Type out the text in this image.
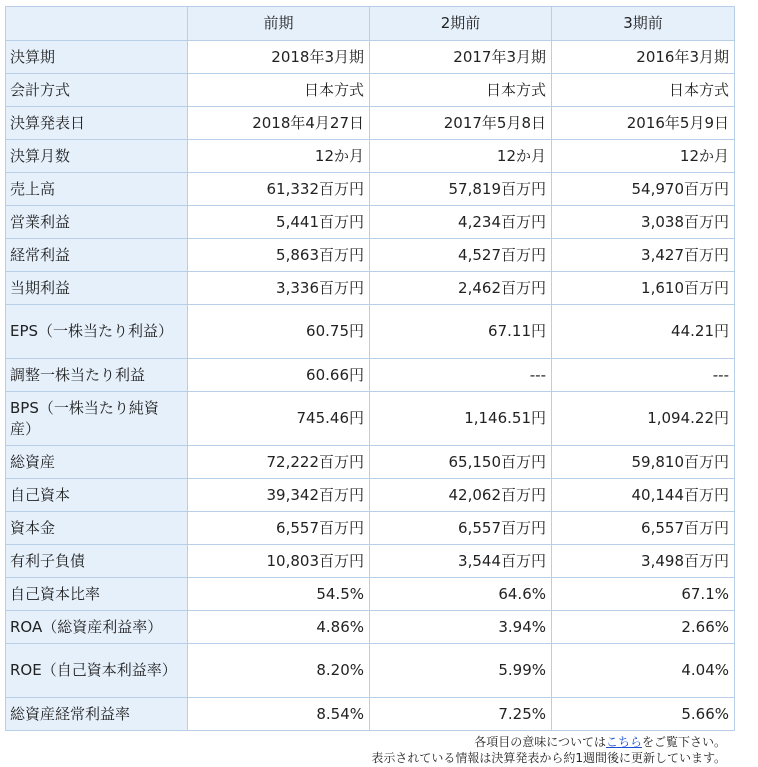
	前期	2期前	3期前
決算期	2018年3月期	2017年3月期	2016年3月期
会計方式	日本方式	日本方式	日本方式
決算発表日	2018年4月27日	2017年5月8日	2016年5月9日
決算月数	12か月	12か月	12か月
売上高	61,332百万円	57,819百万円	54,970百万円
営業利益	5,441百万円	4,234百万円	3,038百万円
経常利益	5,863百万円	4,527百万円	3,427百万円
当期利益	3,336百万円	2,462百万円	1,610百万円
EPS（一株当たり利益）	60.75円	67.11円	44.21円
調整一株当たり利益	60.66円	---	---
BPS（一株当たり純資産）	745.46円	1,146.51円	1,094.22円
総資産	72,222百万円	65,150百万円	59,810百万円
自己資本	39,342百万円	42,062百万円	40,144百万円
資本金	6,557百万円	6,557百万円	6,557百万円
有利子負債	10,803百万円	3,544百万円	3,498百万円
自己資本比率	54.5%	64.6%	67.1%
ROA（総資産利益率）	4.86%	3.94%	2.66%
ROE（自己資本利益率）	8.20%	5.99%	4.04%
総資産経常利益率	8.54%	7.25%	5.66%
各項目の意味についてはこちらをご覧下さい。
表示されている情報は決算発表から約1週間後に更新しています。
